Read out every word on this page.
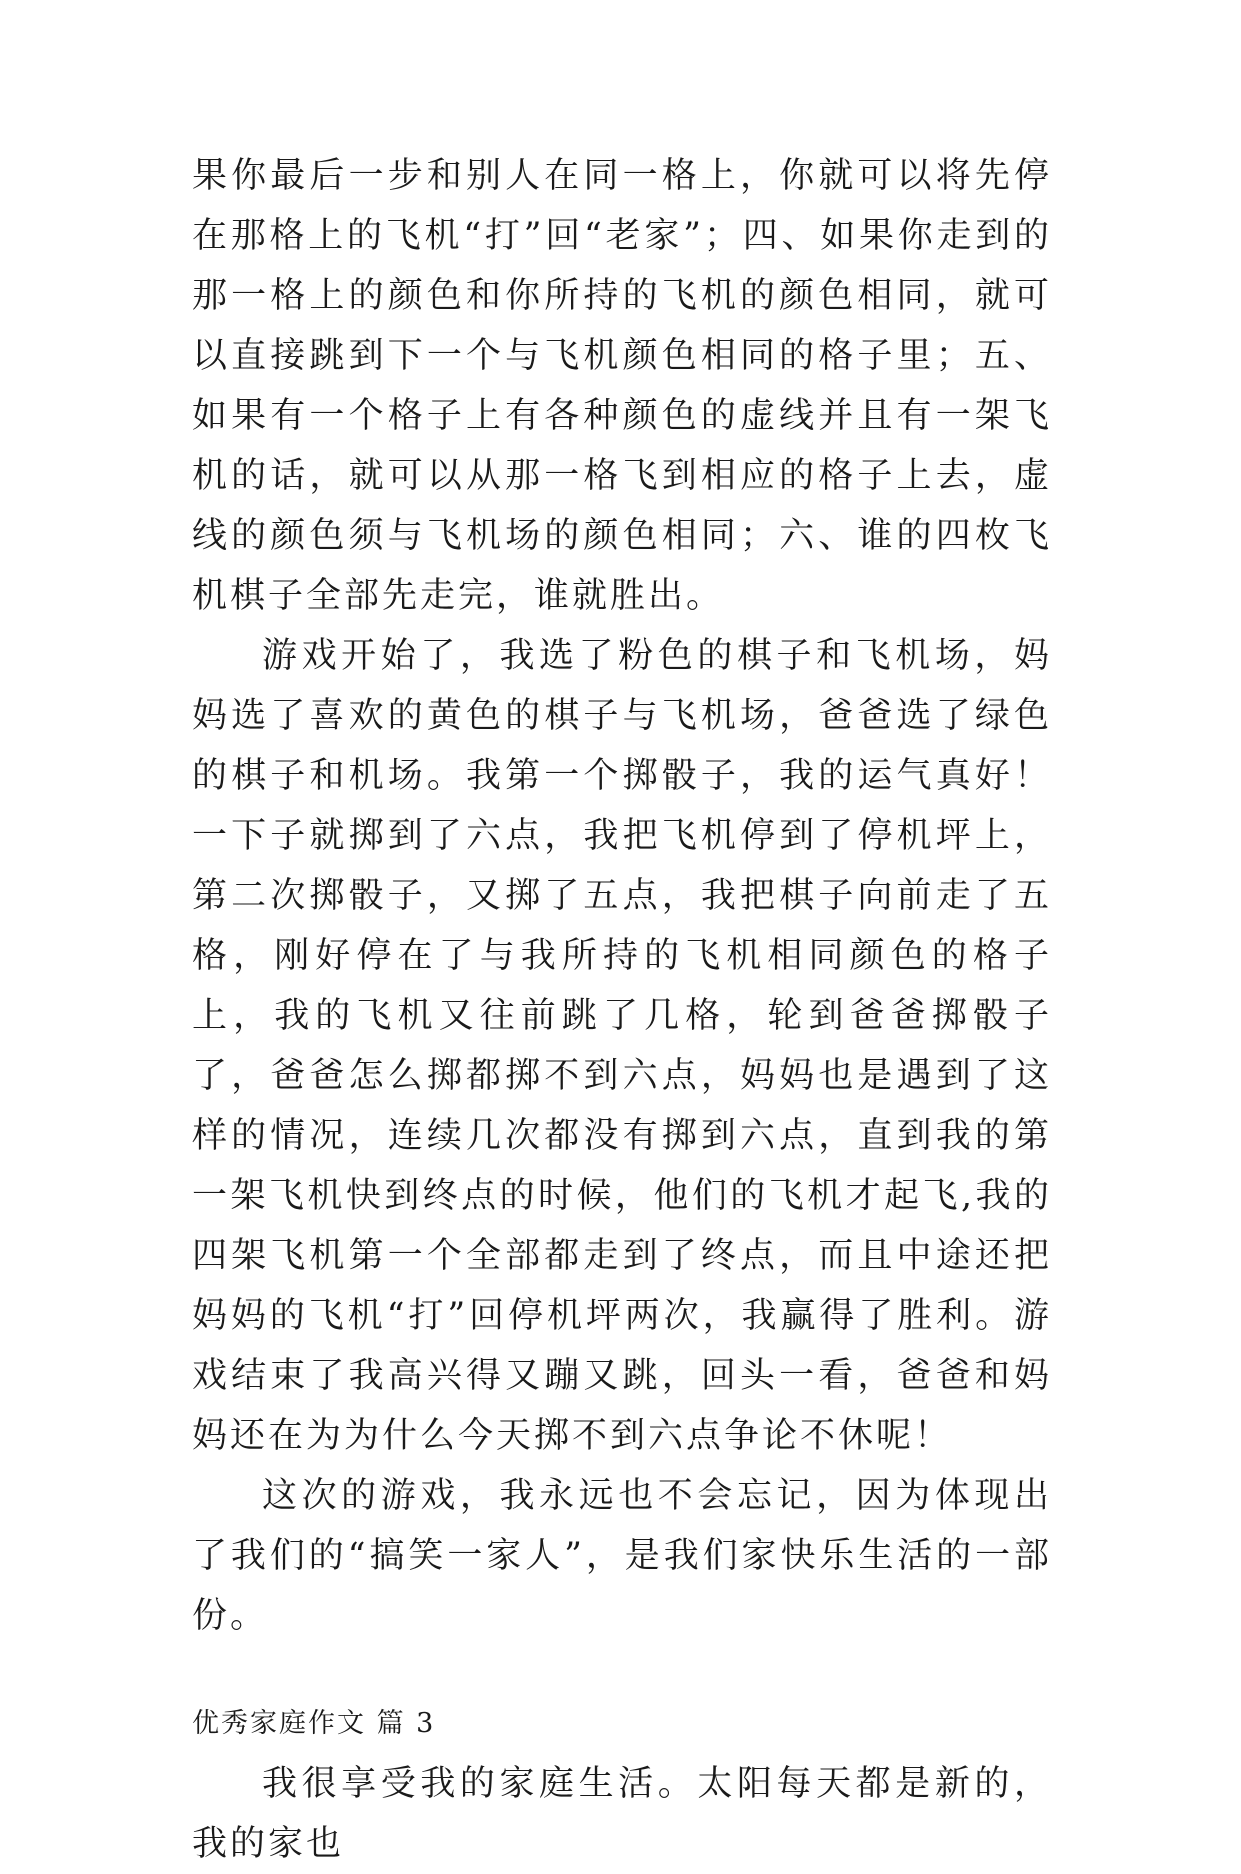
果你最后一步和别人在同一格上，你就可以将先停在那格上的飞机“打”回“老家”；四、如果你走到的那一格上的颜色和你所持的飞机的颜色相同，就可以直接跳到下一个与飞机颜色相同的格子里；五、如果有一个格子上有各种颜色的虚线并且有一架飞机的话，就可以从那一格飞到相应的格子上去，虚线的颜色须与飞机场的颜色相同；六、谁的四枚飞机棋子全部先走完，谁就胜出。

游戏开始了，我选了粉色的棋子和飞机场，妈妈选了喜欢的黄色的棋子与飞机场，爸爸选了绿色的棋子和机场。我第一个掷骰子，我的运气真好！一下子就掷到了六点，我把飞机停到了停机坪上，第二次掷骰子，又掷了五点，我把棋子向前走了五格，刚好停在了与我所持的飞机相同颜色的格子上，我的飞机又往前跳了几格，轮到爸爸掷骰子了，爸爸怎么掷都掷不到六点，妈妈也是遇到了这样的情况，连续几次都没有掷到六点，直到我的第一架飞机快到终点的时候，他们的飞机才起飞,我的四架飞机第一个全部都走到了终点，而且中途还把妈妈的飞机“打”回停机坪两次，我赢得了胜利。游戏结束了我高兴得又蹦又跳，回头一看，爸爸和妈妈还在为为什么今天掷不到六点争论不休呢！

这次的游戏，我永远也不会忘记，因为体现出了我们的“搞笑一家人”，是我们家快乐生活的一部份。

优秀家庭作文 篇 3

我很享受我的家庭生活。太阳每天都是新的，我的家也
